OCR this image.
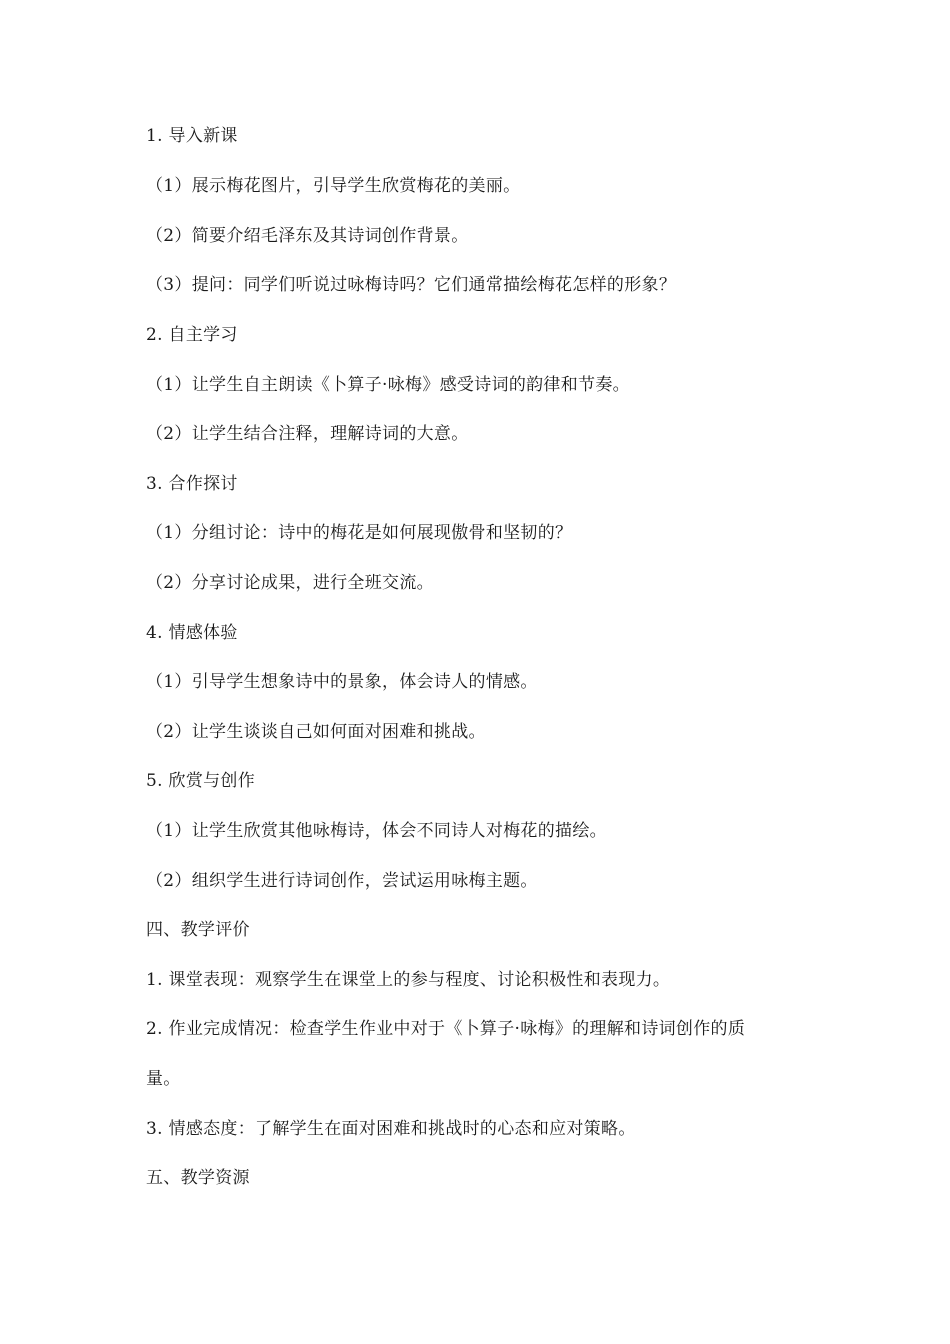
1. 导入新课
（1）展示梅花图片，引导学生欣赏梅花的美丽。
（2）简要介绍毛泽东及其诗词创作背景。
（3）提问：同学们听说过咏梅诗吗？它们通常描绘梅花怎样的形象？
2. 自主学习
（1）让学生自主朗读《卜算子·咏梅》感受诗词的韵律和节奏。
（2）让学生结合注释，理解诗词的大意。
3. 合作探讨
（1）分组讨论：诗中的梅花是如何展现傲骨和坚韧的？
（2）分享讨论成果，进行全班交流。
4. 情感体验
（1）引导学生想象诗中的景象，体会诗人的情感。
（2）让学生谈谈自己如何面对困难和挑战。
5. 欣赏与创作
（1）让学生欣赏其他咏梅诗，体会不同诗人对梅花的描绘。
（2）组织学生进行诗词创作，尝试运用咏梅主题。
四、教学评价
1. 课堂表现：观察学生在课堂上的参与程度、讨论积极性和表现力。
2. 作业完成情况：检查学生作业中对于《卜算子·咏梅》的理解和诗词创作的质
量。
3. 情感态度：了解学生在面对困难和挑战时的心态和应对策略。
五、教学资源
